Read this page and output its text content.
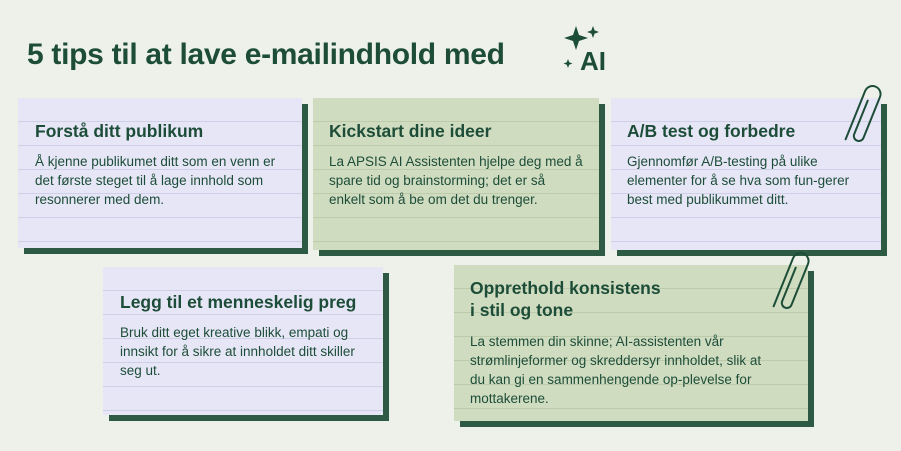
5 tips til at lave e-mailindhold med	AI
Forstå ditt publikum

Å kjenne publikumet ditt som en venn er det første steget til å lage innhold som resonnerer med dem.

Kickstart dine ideer

La APSIS AI Assistenten hjelpe deg med å spare tid og brainstorming; det er så enkelt som å be om det du trenger.

A/B test og forbedre

Gjennomfør A/B-testing på ulike elementer for å se hva som fun-gerer best med publikummet ditt.

Legg til et menneskelig preg

Bruk ditt eget kreative blikk, empati og innsikt for å sikre at innholdet ditt skiller seg ut.

Opprethold konsistens
i stil og tone

La stemmen din skinne; AI-assistenten vår strømlinjeformer og skreddersyr innholdet, slik at du kan gi en sammenhengende op-plevelse for mottakerene.
